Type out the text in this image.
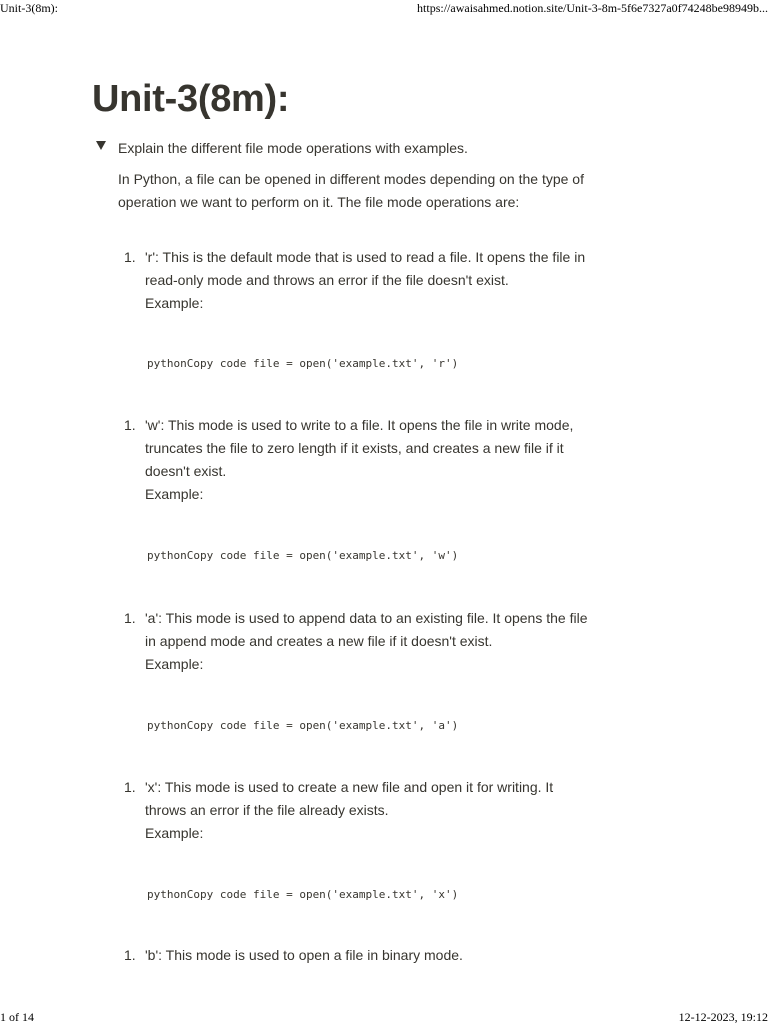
Unit-3(8m):	https://awaisahmed.notion.site/Unit-3-8m-5f6e7327a0f74248be98949b...
Unit-3(8m):
Explain the different file mode operations with examples.
In Python, a file can be opened in different modes depending on the type of operation we want to perform on it. The file mode operations are:
1. 'r': This is the default mode that is used to read a file. It opens the file in read-only mode and throws an error if the file doesn't exist.
Example:
pythonCopy code file = open('example.txt', 'r')
1. 'w': This mode is used to write to a file. It opens the file in write mode, truncates the file to zero length if it exists, and creates a new file if it doesn't exist.
Example:
pythonCopy code file = open('example.txt', 'w')
1. 'a': This mode is used to append data to an existing file. It opens the file in append mode and creates a new file if it doesn't exist.
Example:
pythonCopy code file = open('example.txt', 'a')
1. 'x': This mode is used to create a new file and open it for writing. It throws an error if the file already exists.
Example:
pythonCopy code file = open('example.txt', 'x')
1. 'b': This mode is used to open a file in binary mode.
1 of 14	12-12-2023, 19:12
